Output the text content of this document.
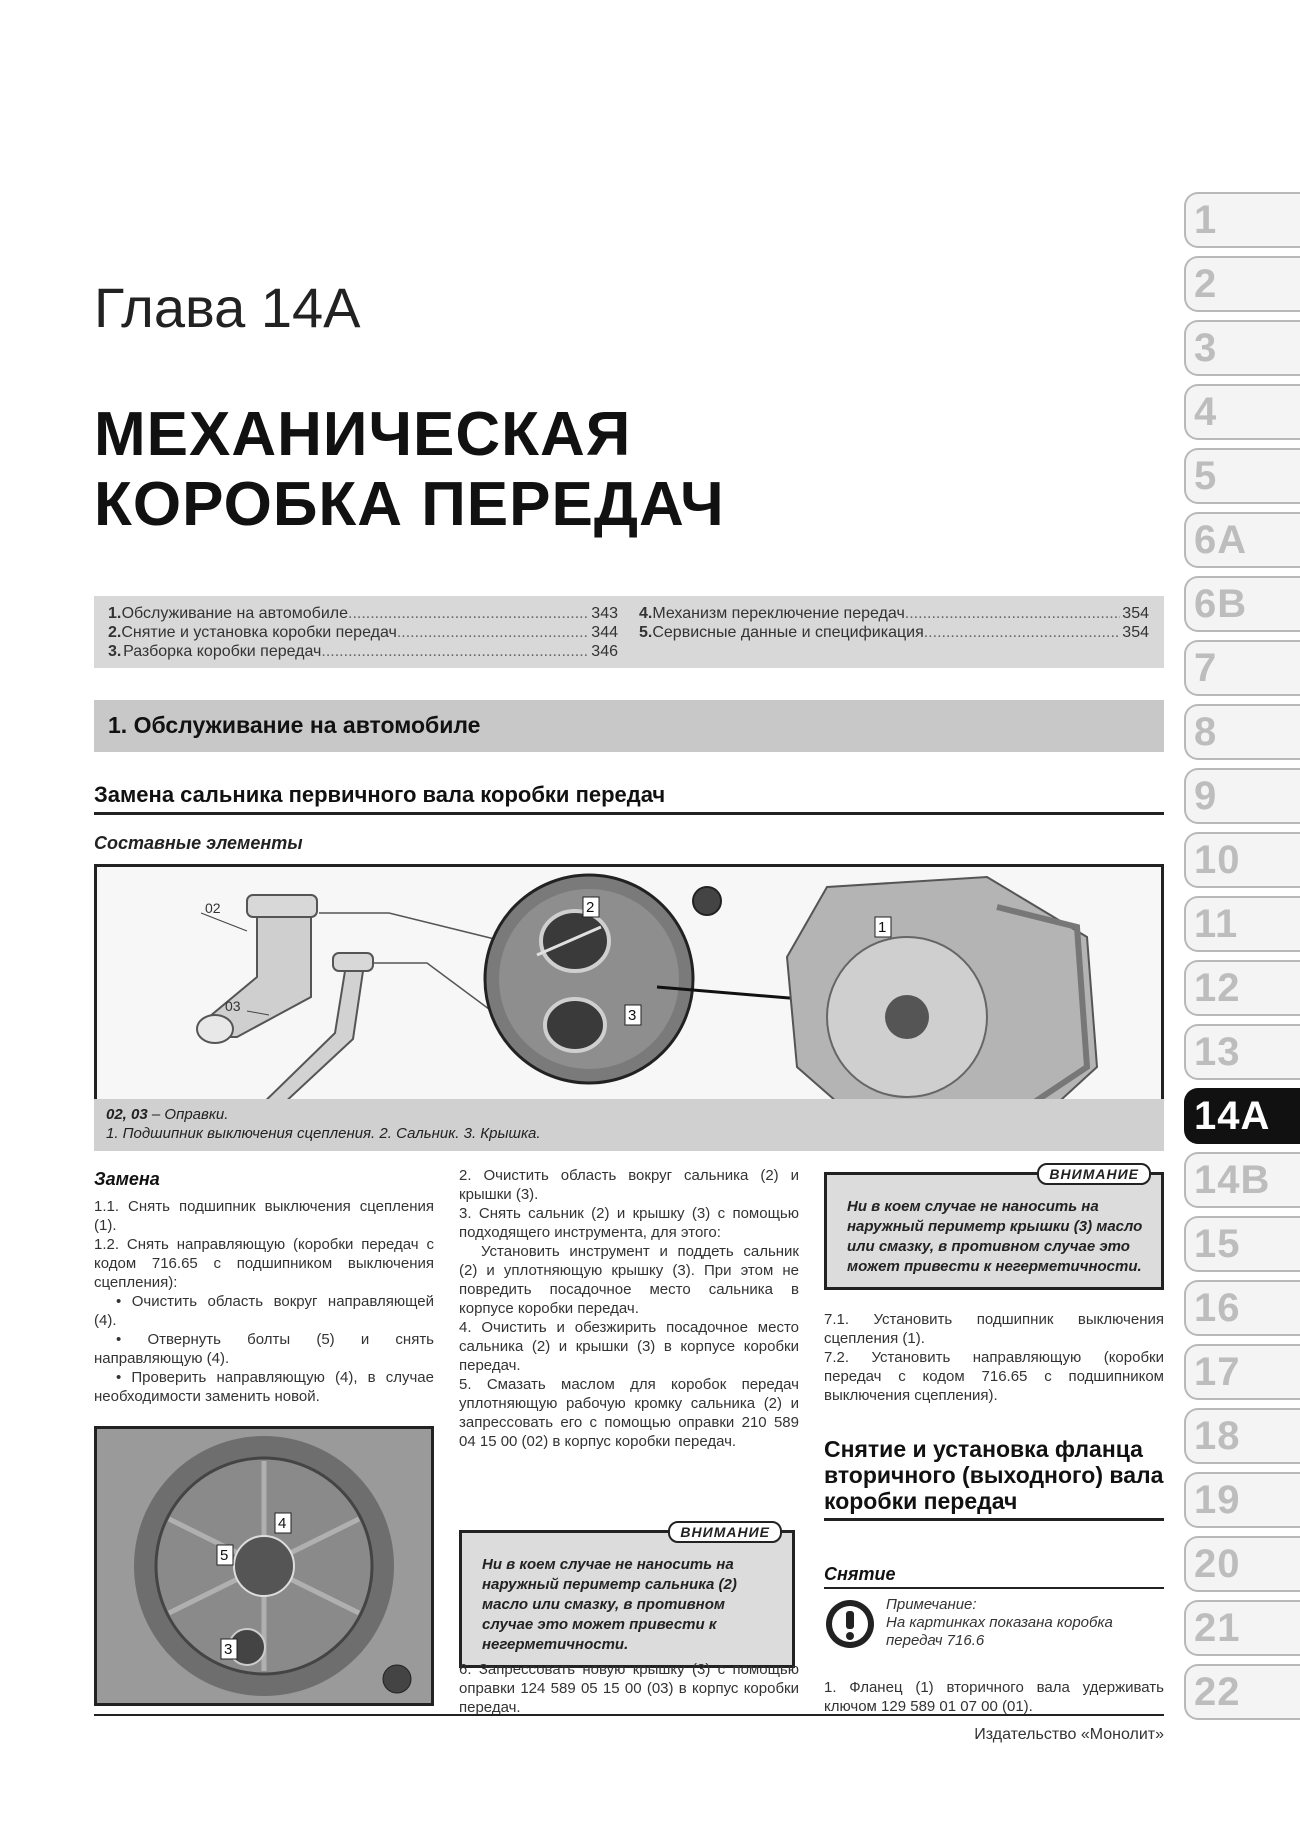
Глава 14А
МЕХАНИЧЕСКАЯ
КОРОБКА ПЕРЕДАЧ
1. Обслуживание на автомобиле .....	343
2. Снятие и установка коробки передач .....	344
3. Разборка коробки передач .....	346
4. Механизм переключение передач .....	354
5. Сервисные данные и спецификация .....	354
1. Обслуживание на автомобиле
Замена сальника первичного вала коробки передач
Составные элементы
02
03
2
3
1
02, 03 – Оправки.
1. Подшипник выключения сцепления. 2. Сальник. 3. Крышка.
Замена

1.1. Снять подшипник выключения сцепления (1).

1.2. Снять направляющую (коробки передач с кодом 716.65 с подшипником выключения сцепления):

• Очистить область вокруг направляющей (4).

• Отвернуть болты (5) и снять направляющую (4).

• Проверить направляющую (4), в случае необходимости заменить новой.

4
5
3

2. Очистить область вокруг сальника (2) и крышки (3).

3. Снять сальник (2) и крышку (3) с помощью подходящего инструмента, для этого:

Установить инструмент и поддеть сальник (2) и уплотняющую крышку (3). При этом не повредить посадочное место сальника в корпусе коробки передач.

4. Очистить и обезжирить посадочное место сальника (2) и крышки (3) в корпусе коробки передач.

5. Смазать маслом для коробок передач уплотняющую рабочую кромку сальника (2) и запрессовать его с помощью оправки 210 589 04 15 00 (02) в корпус коробки передач.

ВНИМАНИЕ
Ни в коем случае не наносить на наружный периметр сальника (2) масло или смазку, в противном случае это может привести к негерметичности.

6. Запрессовать новую крышку (3) с помощью оправки 124 589 05 15 00 (03) в корпус коробки передач.

ВНИМАНИЕ
Ни в коем случае не наносить на наружный периметр крышки (3) масло или смазку, в противном случае это может привести к негерметичности.

7.1. Установить подшипник выключения сцепления (1).

7.2. Установить направляющую (коробки передач с кодом 716.65 с подшипником выключения сцепления).

Снятие и установка фланца вторичного (выходного) вала коробки передач
Снятие
Примечание:
На картинках показана коробка передач 716.6

1. Фланец (1) вторичного вала удерживать ключом 129 589 01 07 00 (01).

Издательство «Монолит»
1
2
3
4
5
6A
6B
7
8
9
10
11
12
13
14A
14B
15
16
17
18
19
20
21
22
